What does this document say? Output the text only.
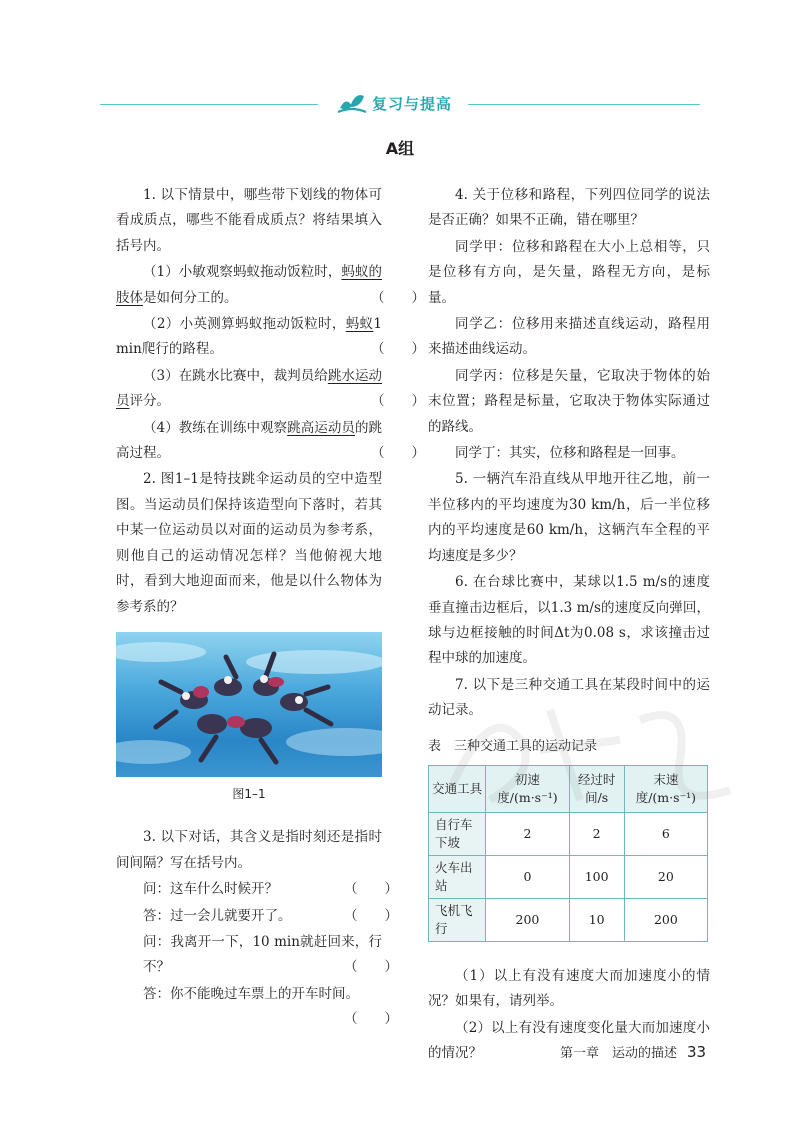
复习与提高
A组

1. 以下情景中，哪些带下划线的物体可看成质点，哪些不能看成质点？将结果填入括号内。

（1）小敏观察蚂蚁拖动饭粒时，蚂蚁的肢体是如何分工的。	（　　）

（2）小英测算蚂蚁拖动饭粒时，蚂蚁1 min爬行的路程。	（　　）

（3）在跳水比赛中，裁判员给跳水运动员评分。	（　　）

（4）教练在训练中观察跳高运动员的跳高过程。	（　　）

2. 图1–1是特技跳伞运动员的空中造型图。当运动员们保持该造型向下落时，若其中某一位运动员以对面的运动员为参考系，则他自己的运动情况怎样？当他俯视大地时，看到大地迎面而来，他是以什么物体为参考系的？

图1–1

3. 以下对话，其含义是指时刻还是指时间间隔？写在括号内。

问：这车什么时候开？	（　　）

答：过一会儿就要开了。	（　　）

问：我离开一下，10 min就赶回来，行不？	（　　）

答：你不能晚过车票上的开车时间。
（　　）

4. 关于位移和路程，下列四位同学的说法是否正确？如果不正确，错在哪里？

同学甲：位移和路程在大小上总相等，只是位移有方向，是矢量，路程无方向，是标量。

同学乙：位移用来描述直线运动，路程用来描述曲线运动。

同学丙：位移是矢量，它取决于物体的始末位置；路程是标量，它取决于物体实际通过的路线。

同学丁：其实，位移和路程是一回事。

5. 一辆汽车沿直线从甲地开往乙地，前一半位移内的平均速度为30 km/h，后一半位移内的平均速度是60 km/h，这辆汽车全程的平均速度是多少？

6. 在台球比赛中，某球以1.5 m/s的速度垂直撞击边框后，以1.3 m/s的速度反向弹回，球与边框接触的时间Δt为0.08 s，求该撞击过程中球的加速度。

7. 以下是三种交通工具在某段时间中的运动记录。

表　三种交通工具的运动记录
交通工具	初速度/(m·s⁻¹)	经过时间/s	末速度/(m·s⁻¹)
自行车下坡	2	2	6
火车出站	0	100	20
飞机飞行	200	10	200

（1）以上有没有速度大而加速度小的情况？如果有，请列举。

（2）以上有没有速度变化量大而加速度小的情况？	第一章　运动的描述 33
